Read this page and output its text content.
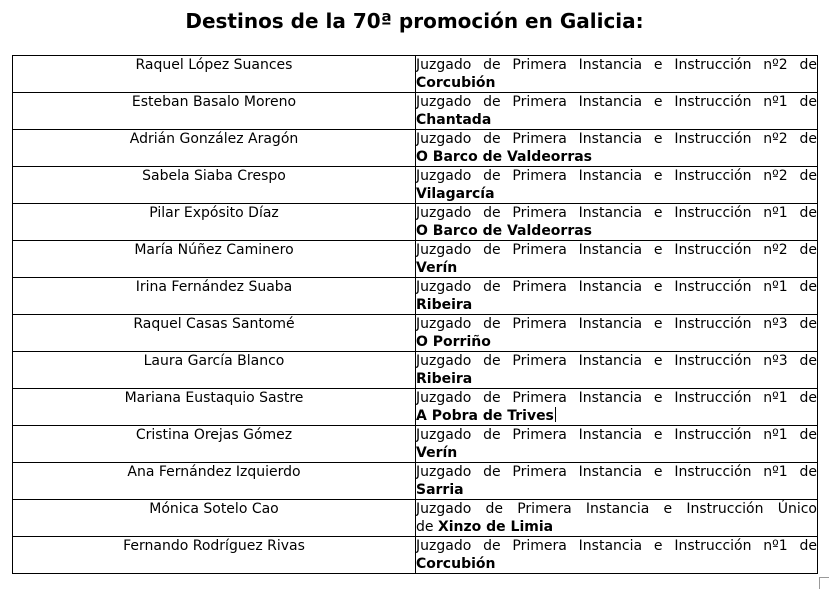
Destinos de la 70ª promoción en Galicia:
Raquel López Suances	Juzgado de Primera Instancia e Instrucción nº2 de
Corcubión

Esteban Basalo Moreno	Juzgado de Primera Instancia e Instrucción nº1 de
Chantada

Adrián González Aragón	Juzgado de Primera Instancia e Instrucción nº2 de
O Barco de Valdeorras

Sabela Siaba Crespo	Juzgado de Primera Instancia e Instrucción nº2 de
Vilagarcía

Pilar Expósito Díaz	Juzgado de Primera Instancia e Instrucción nº1 de
O Barco de Valdeorras

María Núñez Caminero	Juzgado de Primera Instancia e Instrucción nº2 de
Verín

Irina Fernández Suaba	Juzgado de Primera Instancia e Instrucción nº1 de
Ribeira

Raquel Casas Santomé	Juzgado de Primera Instancia e Instrucción nº3 de
O Porriño

Laura García Blanco	Juzgado de Primera Instancia e Instrucción nº3 de
Ribeira

Mariana Eustaquio Sastre	Juzgado de Primera Instancia e Instrucción nº1 de
A Pobra de Trives

Cristina Orejas Gómez	Juzgado de Primera Instancia e Instrucción nº1 de
Verín

Ana Fernández Izquierdo	Juzgado de Primera Instancia e Instrucción nº1 de
Sarria

Mónica Sotelo Cao	Juzgado de Primera Instancia e Instrucción Único
de Xinzo de Limia

Fernando Rodríguez Rivas	Juzgado de Primera Instancia e Instrucción nº1 de
Corcubión
